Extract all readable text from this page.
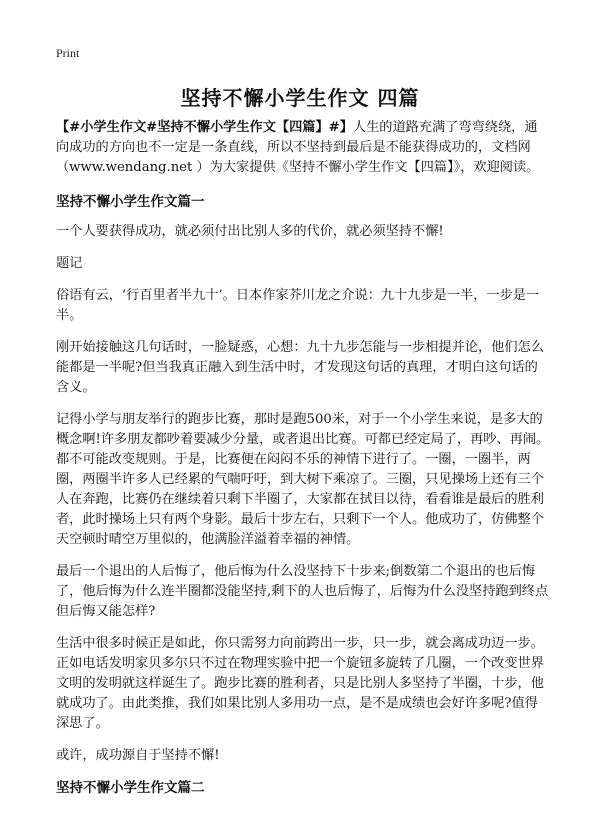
Print
坚持不懈小学生作文 四篇

【#小学生作文#坚持不懈小学生作文【四篇】#】人生的道路充满了弯弯绕绕，通向成功的方向也不一定是一条直线，所以不坚持到最后是不能获得成功的，文档网（www.wendang.net ）为大家提供《坚持不懈小学生作文【四篇】》，欢迎阅读。

坚持不懈小学生作文篇一

一个人要获得成功，就必须付出比别人多的代价，就必须坚持不懈!

题记

俗语有云，‘行百里者半九十’。日本作家芥川龙之介说：九十九步是一半，一步是一半。

刚开始接触这几句话时，一脸疑惑，心想：九十九步怎能与一步相提并论，他们怎么能都是一半呢?但当我真正融入到生活中时，才发现这句话的真理，才明白这句话的含义。

记得小学与朋友举行的跑步比赛，那时是跑500米，对于一个小学生来说，是多大的概念啊!许多朋友都吵着要减少分量，或者退出比赛。可都已经定局了，再吵、再闹。都不可能改变规则。于是，比赛便在闷闷不乐的神情下进行了。一圈，一圈半，两圈，两圈半许多人已经累的气喘吁吁，到大树下乘凉了。三圈，只见操场上还有三个人在奔跑，比赛仍在继续着只剩下半圈了，大家都在拭目以待，看看谁是最后的胜利者，此时操场上只有两个身影。最后十步左右，只剩下一个人。他成功了，仿佛整个天空顿时晴空万里似的，他满脸洋溢着幸福的神情。

最后一个退出的人后悔了，他后悔为什么没坚持下十步来;倒数第二个退出的也后悔了，他后悔为什么连半圈都没能坚持,剩下的人也后悔了，后悔为什么没坚持跑到终点但后悔又能怎样?

生活中很多时候正是如此，你只需努力向前跨出一步，只一步，就会离成功迈一步。正如电话发明家贝多尔只不过在物理实验中把一个旋钮多旋转了几圈，一个改变世界文明的发明就这样诞生了。跑步比赛的胜利者，只是比别人多坚持了半圈，十步，他就成功了。由此类推，我们如果比别人多用功一点，是不是成绩也会好许多呢?值得深思了。

或许，成功源自于坚持不懈!

坚持不懈小学生作文篇二
